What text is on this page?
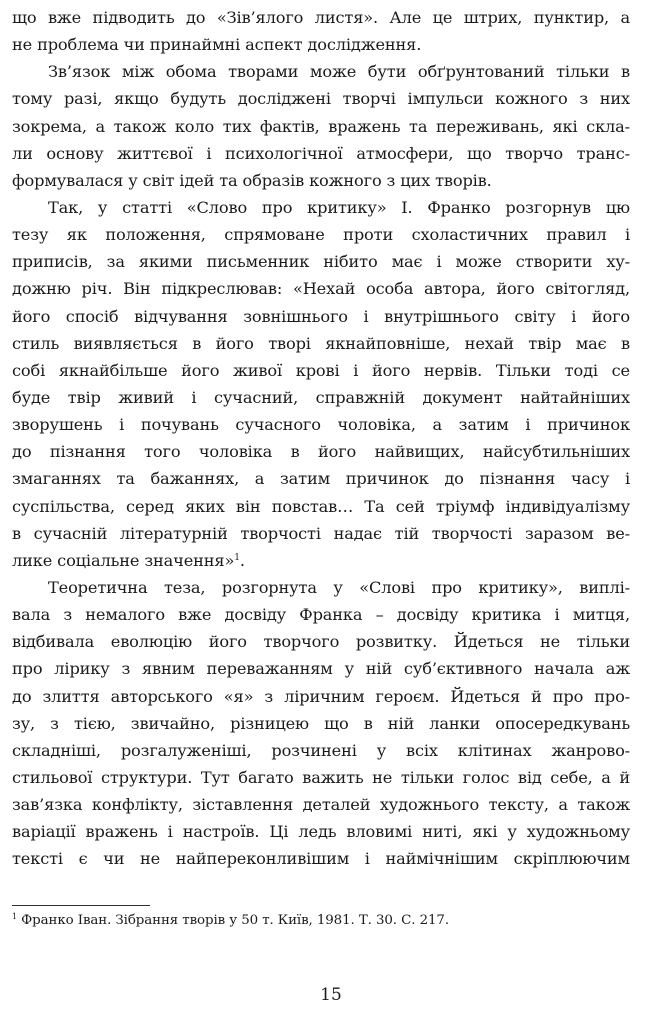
що вже підводить до «Зів’ялого листя». Але це штрих, пунктир, а
не проблема чи принаймні аспект дослідження.
Зв’язок між обома творами може бути обґрунтований тільки в
тому разі, якщо будуть досліджені творчі імпульси кожного з них
зокрема, а також коло тих фактів, вражень та переживань, які скла-
ли основу життєвої і психологічної атмосфери, що творчо транс-
формувалася у світ ідей та образів кожного з цих творів.
Так, у статті «Слово про критику» І. Франко розгорнув цю
тезу як положення, спрямоване проти схоластичних правил і
приписів, за якими письменник нібито має і може створити ху-
дожню річ. Він підкреслював: «Нехай особа автора, його світогляд,
його спосіб відчування зовнішнього і внутрішнього світу і його
стиль виявляється в його творі якнайповніше, нехай твір має в
собі якнайбільше його живої крові і його нервів. Тільки тоді се
буде твір живий і сучасний, справжній документ найтайніших
зворушень і почувань сучасного чоловіка, а затим і причинок
до пізнання того чоловіка в його найвищих, найсубтильніших
змаганнях та бажаннях, а затим причинок до пізнання часу і
суспільства, серед яких він повстав… Та сей тріумф індивідуалізму
в сучасній літературній творчості надає тій творчості заразом ве-
лике соціальне значення»$^1$.
Теоретична теза, розгорнута у «Слові про критику», виплі-
вала з немалого вже досвіду Франка – досвіду критика і митця,
відбивала еволюцію його творчого розвитку. Йдеться не тільки
про лірику з явним переважанням у ній суб’єктивного начала аж
до злиття авторського «я» з ліричним героєм. Йдеться й про про-
зу, з тією, звичайно, різницею що в ній ланки опосередкувань
складніші, розгалуженіші, розчинені у всіх клітинах жанрово-
стильової структури. Тут багато важить не тільки голос від себе, а й
зав’язка конфлікту, зіставлення деталей художнього тексту, а також
варіації вражень і настроїв. Ці ледь вловимі ниті, які у художньому
тексті є чи не найпереконливішим і наймічнішим скріплюючим
$^1$ Франко Іван. Зібрання творів у 50 т. Київ, 1981. Т. 30. С. 217.
15
